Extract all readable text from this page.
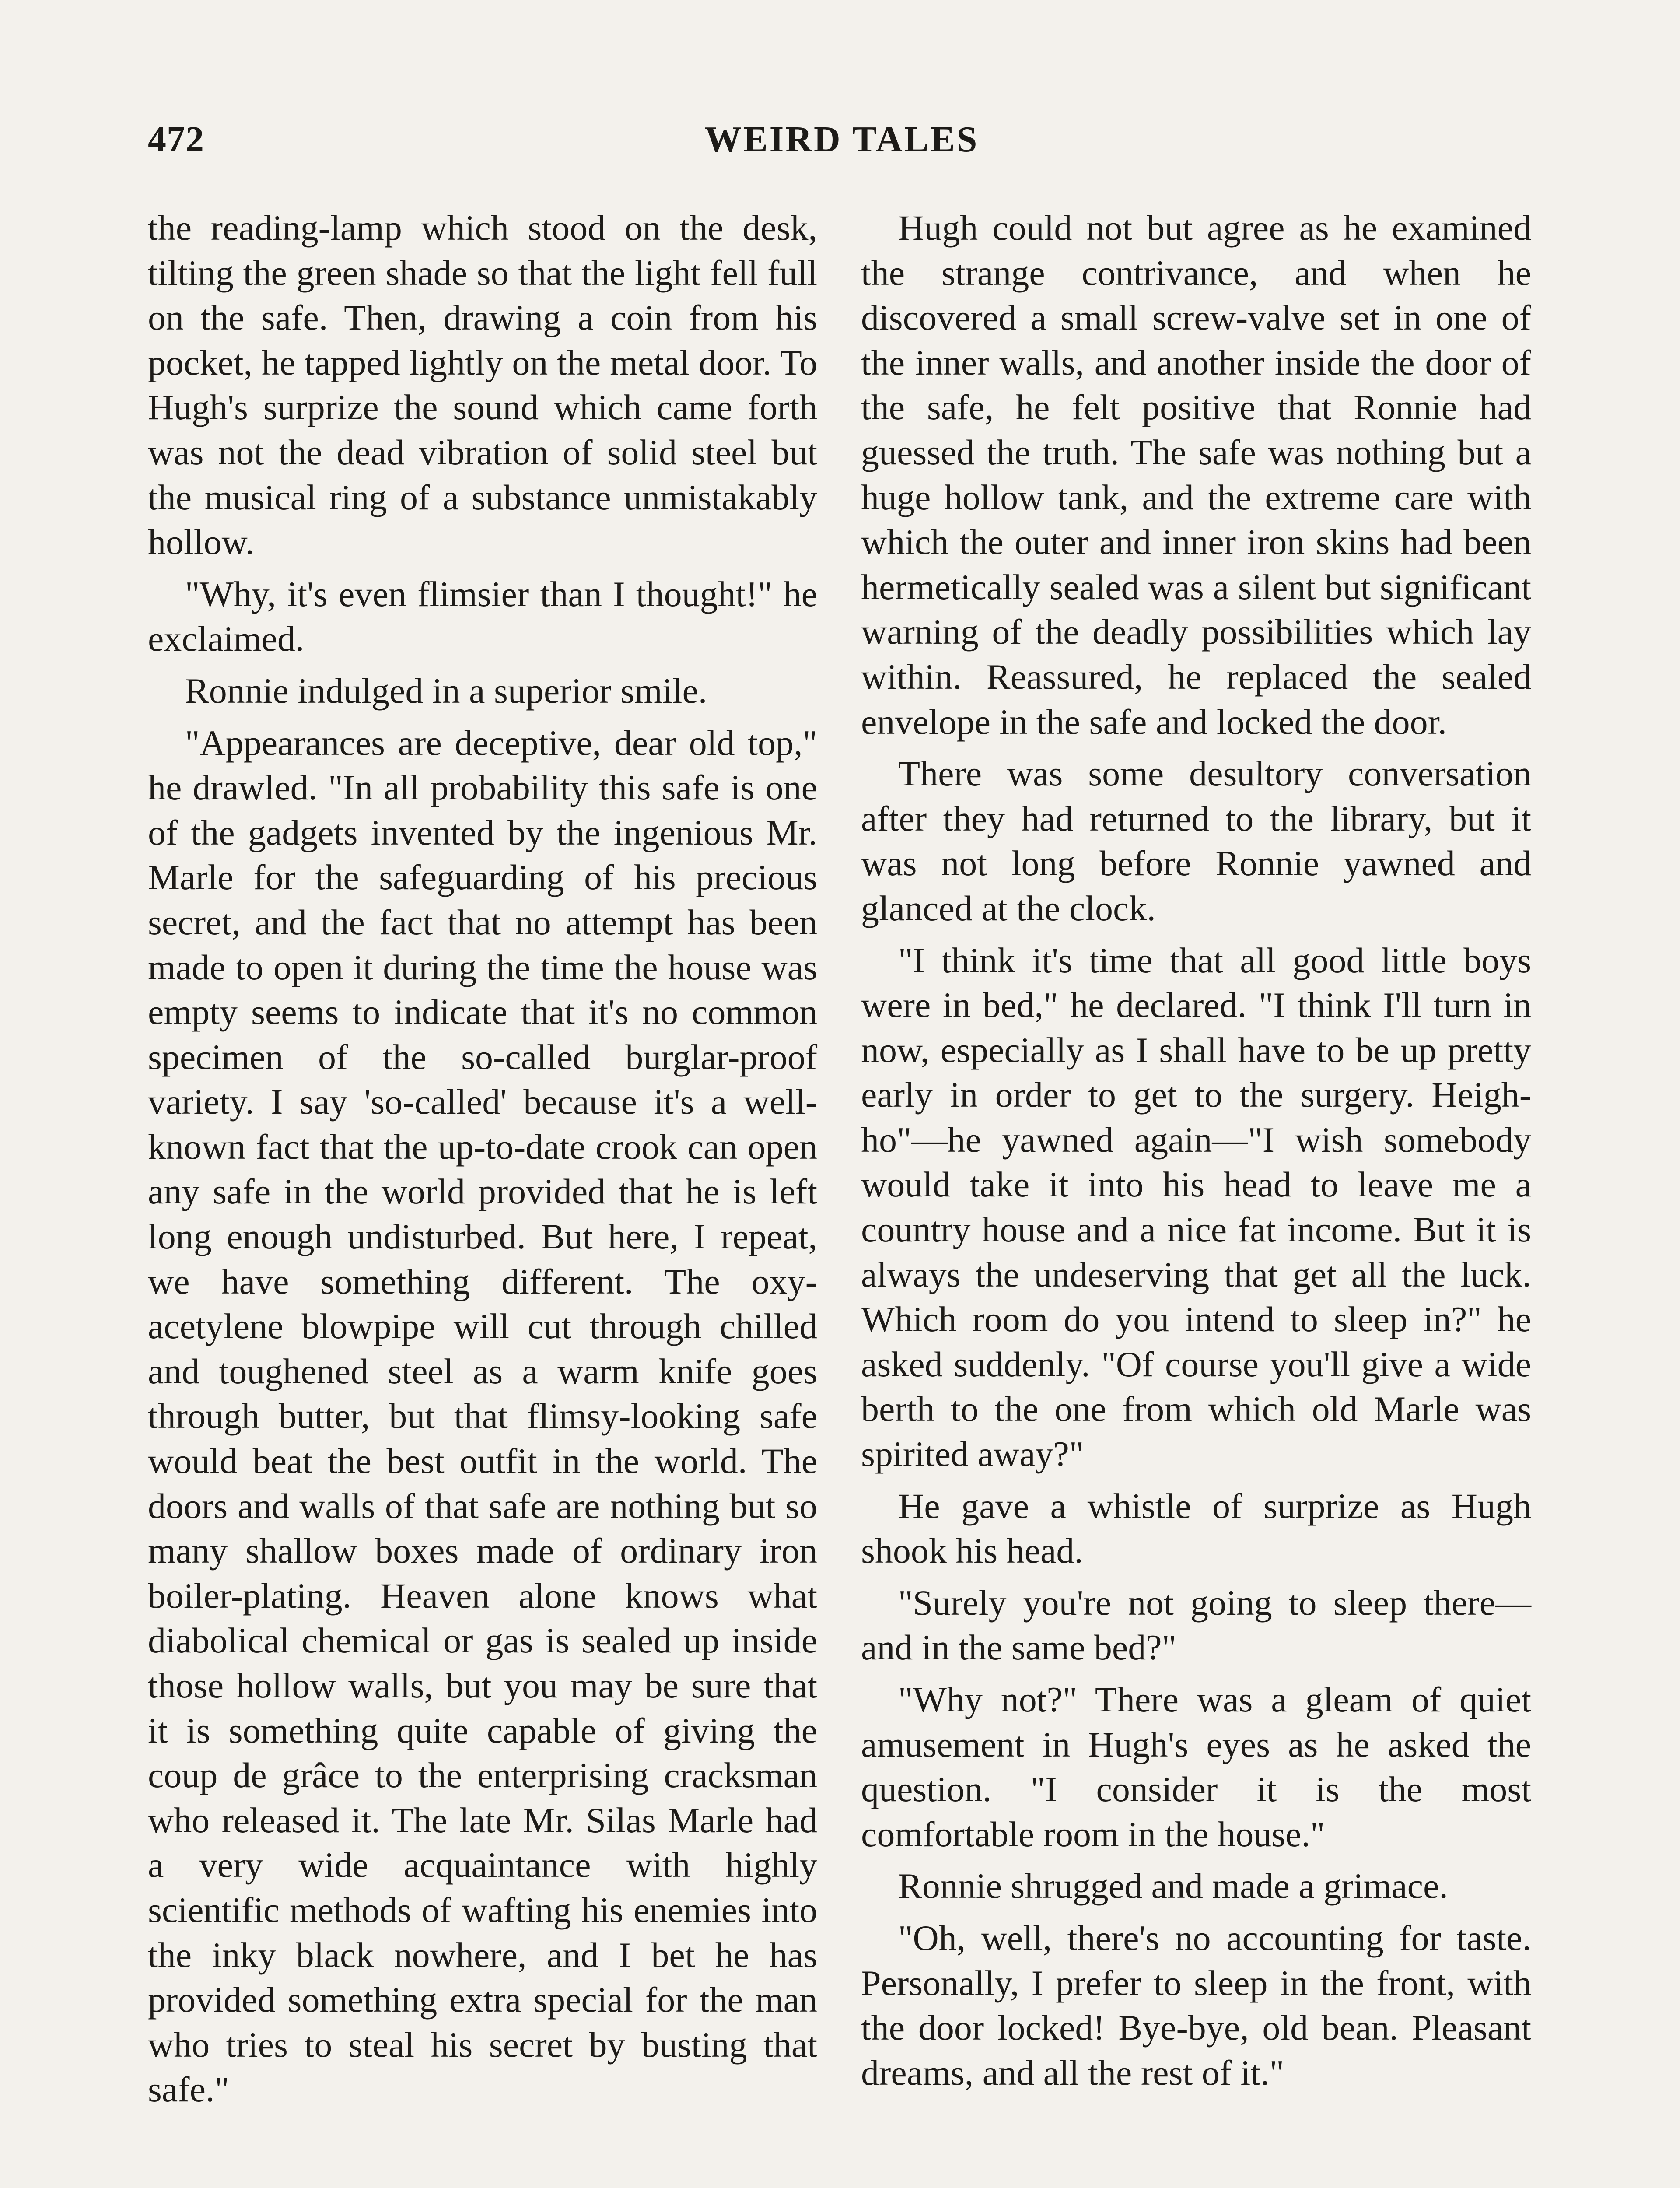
472	WEIRD TALES

the reading-lamp which stood on the desk, tilting the green shade so that the light fell full on the safe. Then, drawing a coin from his pocket, he tapped lightly on the metal door. To Hugh's surprize the sound which came forth was not the dead vibration of solid steel but the musical ring of a substance unmistakably hollow.

"Why, it's even flimsier than I thought!" he exclaimed.

Ronnie indulged in a superior smile.

"Appearances are deceptive, dear old top," he drawled. "In all probability this safe is one of the gadgets invented by the ingenious Mr. Marle for the safeguarding of his precious secret, and the fact that no attempt has been made to open it during the time the house was empty seems to indicate that it's no common specimen of the so-called burglar-proof variety. I say 'so-called' because it's a well-known fact that the up-to-date crook can open any safe in the world provided that he is left long enough undisturbed. But here, I repeat, we have something different. The oxy-acetylene blowpipe will cut through chilled and toughened steel as a warm knife goes through butter, but that flimsy-looking safe would beat the best outfit in the world. The doors and walls of that safe are nothing but so many shallow boxes made of ordinary iron boiler-plating. Heaven alone knows what diabolical chemical or gas is sealed up inside those hollow walls, but you may be sure that it is something quite capable of giving the coup de grâce to the enterprising cracksman who released it. The late Mr. Silas Marle had a very wide acquaintance with highly scientific methods of wafting his enemies into the inky black nowhere, and I bet he has provided something extra special for the man who tries to steal his secret by busting that safe."

Hugh could not but agree as he examined the strange contrivance, and when he discovered a small screw-valve set in one of the inner walls, and another inside the door of the safe, he felt positive that Ronnie had guessed the truth. The safe was nothing but a huge hollow tank, and the extreme care with which the outer and inner iron skins had been hermetically sealed was a silent but significant warning of the deadly possibilities which lay within. Reassured, he replaced the sealed envelope in the safe and locked the door.

There was some desultory conversation after they had returned to the library, but it was not long before Ronnie yawned and glanced at the clock.

"I think it's time that all good little boys were in bed," he declared. "I think I'll turn in now, especially as I shall have to be up pretty early in order to get to the surgery. Heigh-ho"—he yawned again—"I wish somebody would take it into his head to leave me a country house and a nice fat income. But it is always the undeserving that get all the luck. Which room do you intend to sleep in?" he asked suddenly. "Of course you'll give a wide berth to the one from which old Marle was spirited away?"

He gave a whistle of surprize as Hugh shook his head.

"Surely you're not going to sleep there—and in the same bed?"

"Why not?" There was a gleam of quiet amusement in Hugh's eyes as he asked the question. "I consider it is the most comfortable room in the house."

Ronnie shrugged and made a grimace.

"Oh, well, there's no accounting for taste. Personally, I prefer to sleep in the front, with the door locked! Bye-bye, old bean. Pleasant dreams, and all the rest of it."
